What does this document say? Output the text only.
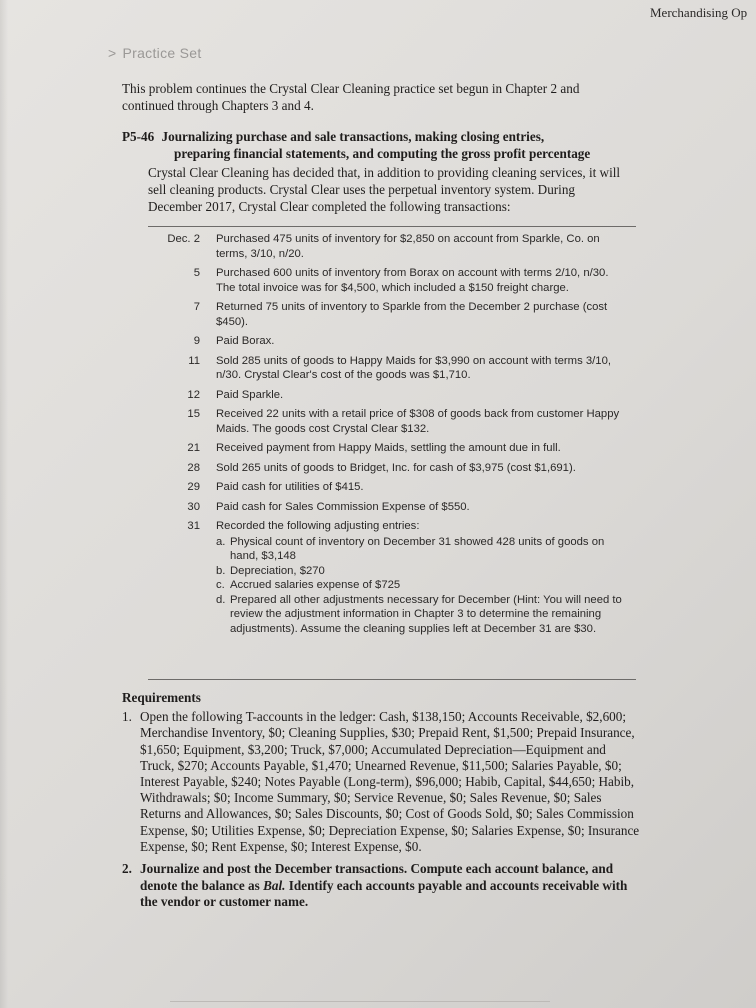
Merchandising Op
> Practice Set
This problem continues the Crystal Clear Cleaning practice set begun in Chapter 2 and continued through Chapters 3 and 4.
P5-46 Journalizing purchase and sale transactions, making closing entries,
preparing financial statements, and computing the gross profit percentage
Crystal Clear Cleaning has decided that, in addition to providing cleaning services, it will sell cleaning products. Crystal Clear uses the perpetual inventory system. During December 2017, Crystal Clear completed the following transactions:
Dec. 2	Purchased 475 units of inventory for $2,850 on account from Sparkle, Co. on terms, 3/10, n/20.
5	Purchased 600 units of inventory from Borax on account with terms 2/10, n/30. The total invoice was for $4,500, which included a $150 freight charge.
7	Returned 75 units of inventory to Sparkle from the December 2 purchase (cost $450).
9	Paid Borax.
11	Sold 285 units of goods to Happy Maids for $3,990 on account with terms 3/10, n/30. Crystal Clear's cost of the goods was $1,710.
12	Paid Sparkle.
15	Received 22 units with a retail price of $308 of goods back from customer Happy Maids. The goods cost Crystal Clear $132.
21	Received payment from Happy Maids, settling the amount due in full.
28	Sold 265 units of goods to Bridget, Inc. for cash of $3,975 (cost $1,691).
29	Paid cash for utilities of $415.
30	Paid cash for Sales Commission Expense of $550.
31	Recorded the following adjusting entries:
a. Physical count of inventory on December 31 showed 428 units of goods on hand, $3,148
b. Depreciation, $270
c. Accrued salaries expense of $725
d. Prepared all other adjustments necessary for December (Hint: You will need to review the adjustment information in Chapter 3 to determine the remaining adjustments). Assume the cleaning supplies left at December 31 are $30.
Requirements
1. Open the following T-accounts in the ledger: Cash, $138,150; Accounts Receivable, $2,600; Merchandise Inventory, $0; Cleaning Supplies, $30; Prepaid Rent, $1,500; Prepaid Insurance, $1,650; Equipment, $3,200; Truck, $7,000; Accumulated Depreciation—Equipment and Truck, $270; Accounts Payable, $1,470; Unearned Revenue, $11,500; Salaries Payable, $0; Interest Payable, $240; Notes Payable (Long-term), $96,000; Habib, Capital, $44,650; Habib, Withdrawals; $0; Income Summary, $0; Service Revenue, $0; Sales Revenue, $0; Sales Returns and Allowances, $0; Sales Discounts, $0; Cost of Goods Sold, $0; Sales Commission Expense, $0; Utilities Expense, $0; Depreciation Expense, $0; Salaries Expense, $0; Insurance Expense, $0; Rent Expense, $0; Interest Expense, $0.
2. Journalize and post the December transactions. Compute each account balance, and denote the balance as Bal. Identify each accounts payable and accounts receivable with the vendor or customer name.
